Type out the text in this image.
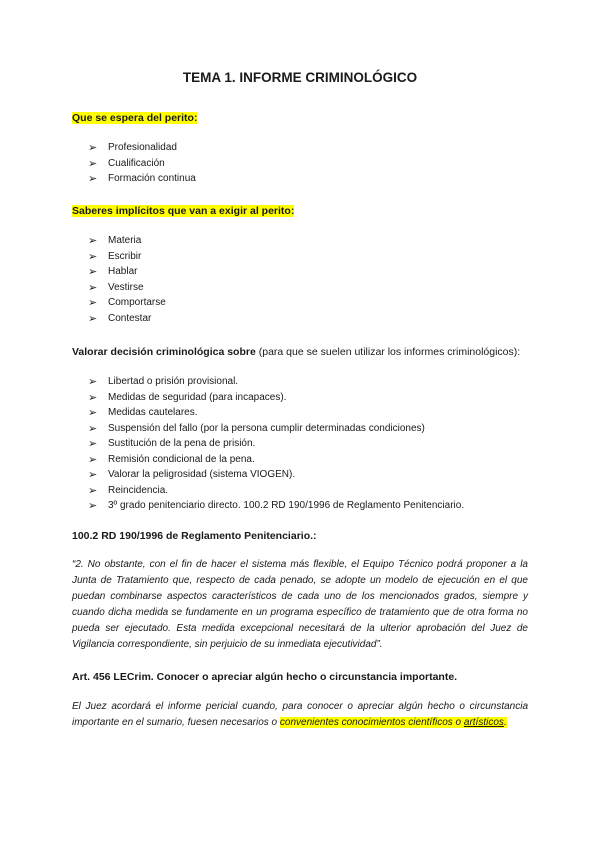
TEMA 1. INFORME CRIMINOLÓGICO
Que se espera del perito:
➢	Profesionalidad
➢	Cualificación
➢	Formación continua
Saberes implícitos que van a exigir al perito:
➢	Materia
➢	Escribir
➢	Hablar
➢	Vestirse
➢	Comportarse
➢	Contestar
Valorar decisión criminológica sobre (para que se suelen utilizar los informes criminológicos):
➢	Libertad o prisión provisional.
➢	Medidas de seguridad (para incapaces).
➢	Medidas cautelares.
➢	Suspensión del fallo (por la persona cumplir determinadas condiciones)
➢	Sustitución de la pena de prisión.
➢	Remisión condicional de la pena.
➢	Valorar la peligrosidad (sistema VIOGEN).
➢	Reincidencia.
➢	3º grado penitenciario directo. 100.2 RD 190/1996 de Reglamento Penitenciario.
100.2 RD 190/1996 de Reglamento Penitenciario.:
“2. No obstante, con el fin de hacer el sistema más flexible, el Equipo Técnico podrá proponer a la
Junta de Tratamiento que, respecto de cada penado, se adopte un modelo de ejecución en el que
puedan combinarse aspectos característicos de cada uno de los mencionados grados, siempre y
cuando dicha medida se fundamente en un programa específico de tratamiento que de otra forma no
pueda ser ejecutado. Esta medida excepcional necesitará de la ulterior aprobación del Juez de
Vigilancia correspondiente, sin perjuicio de su inmediata ejecutividad”.
Art. 456 LECrim. Conocer o apreciar algún hecho o circunstancia importante.
El Juez acordará el informe pericial cuando, para conocer o apreciar algún hecho o circunstancia
importante en el sumario, fuesen necesarios o convenientes conocimientos científicos o artísticos.
